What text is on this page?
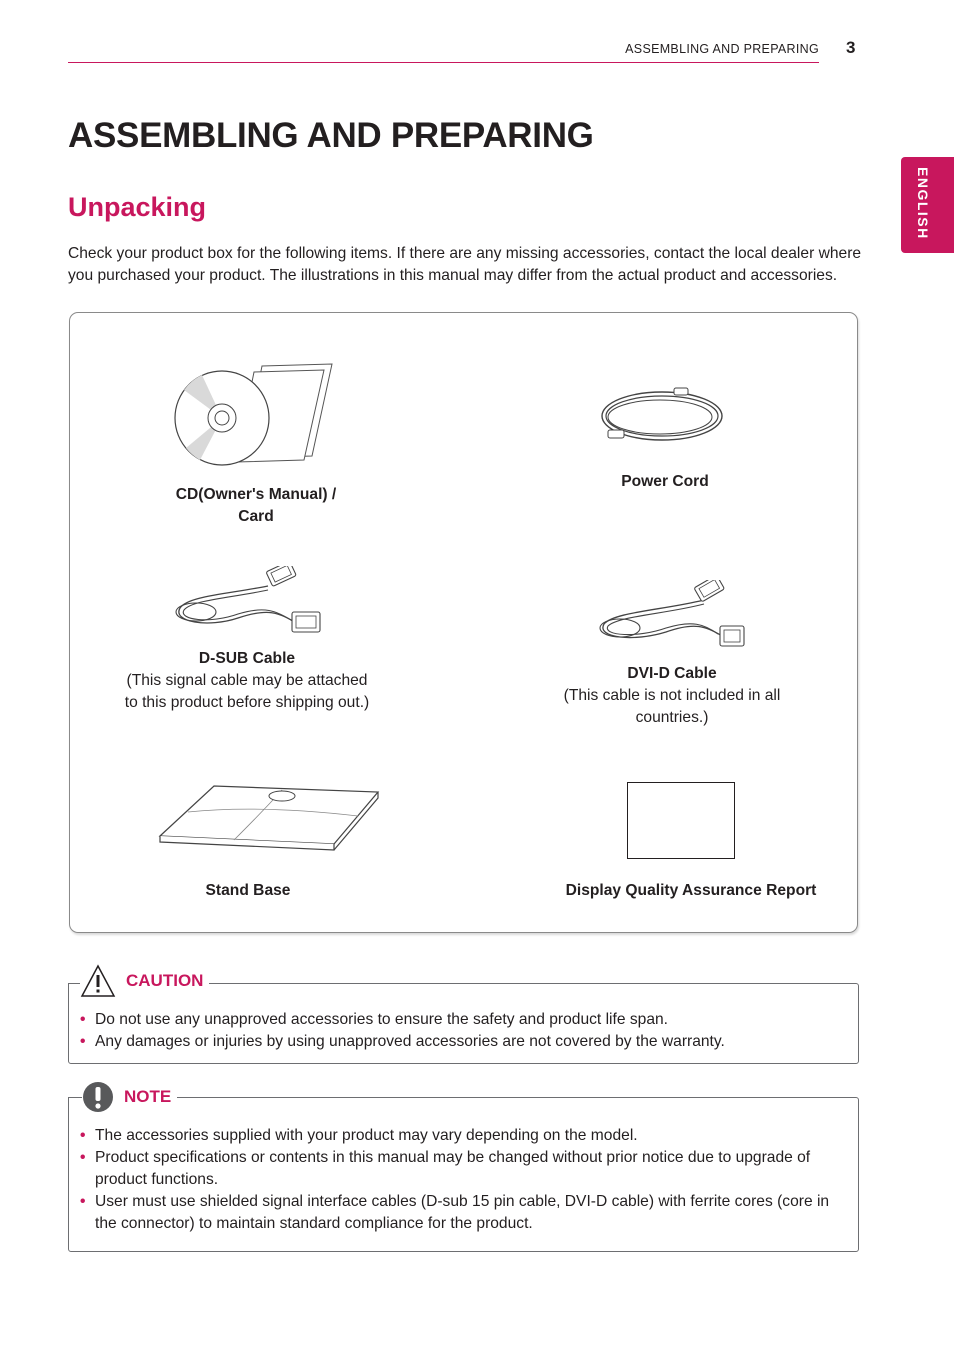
ASSEMBLING AND PREPARING 3
ENGLISH
ASSEMBLING AND PREPARING
Unpacking

Check your product box for the following items. If there are any missing accessories, contact the local dealer where you purchased your product. The illustrations in this manual may differ from the actual product and accessories.

CD(Owner's Manual) /
Card
Power Cord
D-SUB Cable
(This signal cable may be attached
to this product before shipping out.)
DVI-D Cable
(This cable is not included in all
countries.)
Stand Base	Display Quality Assurance Report
• Do not use any unapproved accessories to ensure the safety and product life span.
• Any damages or injuries by using unapproved accessories are not covered by the warranty.
CAUTION
• The accessories supplied with your product may vary depending on the model.
• Product specifications or contents in this manual may be changed without prior notice due to upgrade of product functions.
• User must use shielded signal interface cables (D-sub 15 pin cable, DVI-D cable) with ferrite cores (core in the connector) to maintain standard compliance for the product.
NOTE
